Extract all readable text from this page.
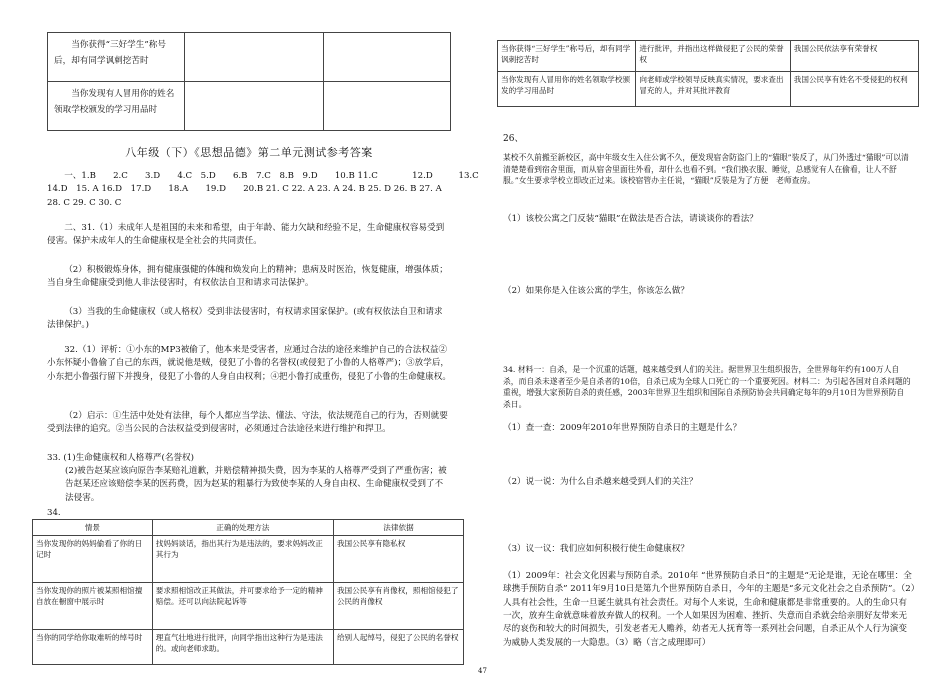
当你获得“三好学生”称号后，却有同学讽刺挖苦时		
当你发现有人冒用你的姓名领取学校颁发的学习用品时		
八年级（下）《思想品德》第二单元测试参考答案

一、1.B　　2.C　　3.D　　4.C　5.D　　6.B　7.C　8.B　9.D　　10.B 11.C　　　　12.D　　　13.C

14.D　15. A 16.D　17.D　　18.A　　19.D　　20.B 21. C 22. A 23. A 24. B 25. D 26. B 27. A

28. C 29. C 30. C

二、31.（1）未成年人是祖国的未来和希望，由于年龄、能力欠缺和经验不足，生命健康权容易受到侵害。保护未成年人的生命健康权是全社会的共同责任。

（2）积极锻炼身体，拥有健康强健的体魄和焕发向上的精神；患病及时医治，恢复健康，增强体质；当自身生命健康受到他人非法侵害时，有权依法自卫和请求司法保护。

（3）当我的生命健康权（或人格权）受到非法侵害时，有权请求国家保护。(或有权依法自卫和请求法律保护。)

32.（1）评析：①小东的MP3被偷了，他本来是受害者，应通过合法的途径来维护自己的合法权益②小东怀疑小鲁偷了自己的东西，就说他是贼，侵犯了小鲁的名誉权(或侵犯了小鲁的人格尊严)；③放学后，小东把小鲁强行留下并搜身，侵犯了小鲁的人身自由权利；④把小鲁打成重伤，侵犯了小鲁的生命健康权。

（2）启示：①生活中处处有法律，每个人都应当学法、懂法、守法，依法规范自己的行为，否则就要受到法律的追究。②当公民的合法权益受到侵害时，必须通过合法途径来进行维护和捍卫。

33. (1)生命健康权和人格尊严(名誉权)

(2)被告赵某应该向原告李某赔礼道歉，并赔偿精神损失费，因为李某的人格尊严受到了严重伤害；被告赵某还应该赔偿李某的医药费，因为赵某的粗暴行为致使李某的人身自由权、生命健康权受到了不法侵害。

34.
情景	正确的处理方法	法律依据
当你发现你的妈妈偷看了你的日记时	找妈妈谈话，指出其行为是违法的，要求妈妈改正其行为	我国公民享有隐私权
当你发现你的照片被某照相馆擅自放在橱窗中展示时	要求照相馆改正其做法，并可要求给予一定的精神赔偿。还可以向法院起诉等	我国公民享有肖像权，照相馆侵犯了公民的肖像权
当你的同学给你取难听的绰号时	理直气壮地进行批评，向同学指出这种行为是违法的。或向老师求助。	给别人起绰号，侵犯了公民的名誉权
当你获得“三好学生”称号后，却有同学讽刺挖苦时	进行批评，并指出这样做侵犯了公民的荣誉权	我国公民依法享有荣誉权
当你发现有人冒用你的姓名领取学校颁发的学习用品时	向老师或学校领导反映真实情况，要求查出冒充的人，并对其批评教育	我国公民享有姓名不受侵犯的权利
26、

某校不久前搬至新校区，高中年级女生入住公寓不久，便发现宿舍防盗门上的“猫眼”装反了，从门外透过“猫眼”可以清清楚楚看到宿舍里面，而从宿舍里面往外看，却什么也看不到。“我们换衣服、睡觉，总感觉有人在偷看，让人不舒服。”女生要求学校立即改正过来。该校宿管办主任说，“猫眼”反装是为了方便　老师查房。

（1）该校公寓之门反装“猫眼”在做法是否合法，请谈谈你的看法？

（2）如果你是入住该公寓的学生，你该怎么做？

34. 材料一：自杀，是一个沉重的话题，越来越受到人们的关注。据世界卫生组织报告，全世界每年约有100万人自杀，而自杀未遂者至少是自杀者的10倍，自杀已成为全球人口死亡的一个重要死因。材料二：为引起各国对自杀问题的重视，增强大家预防自杀的责任感，2003年世界卫生组织和国际自杀预防协会共同确定每年的9月10日为世界预防自杀日。

（1）查一查：2009年2010年世界预防自杀日的主题是什么？

（2）说一说：为什么自杀越来越受到人们的关注？

（3）议一议：我们应如何积极行使生命健康权？

（1）2009年：社会文化因素与预防自杀。2010年 “世界预防自杀日”的主题是“无论是谁，无论在哪里：全球携手预防自杀” 2011年9月10日是第九个世界预防自杀日，今年的主题是“多元文化社会之自杀预防”。（2）人具有社会性，生命一旦诞生就具有社会责任。对每个人来说，生命和健康都是非常重要的。人的生命只有一次，放弃生命就意味着放弃做人的权利。一个人如果因为困难、挫折、失意而自杀就会给亲朋好友带来无尽的哀伤和较大的时间损失，引发老者无人赡养，幼者无人抚育等一系列社会问题，自杀正从个人行为演变为威胁人类发展的一大隐患。（3）略（言之成理即可）

47
